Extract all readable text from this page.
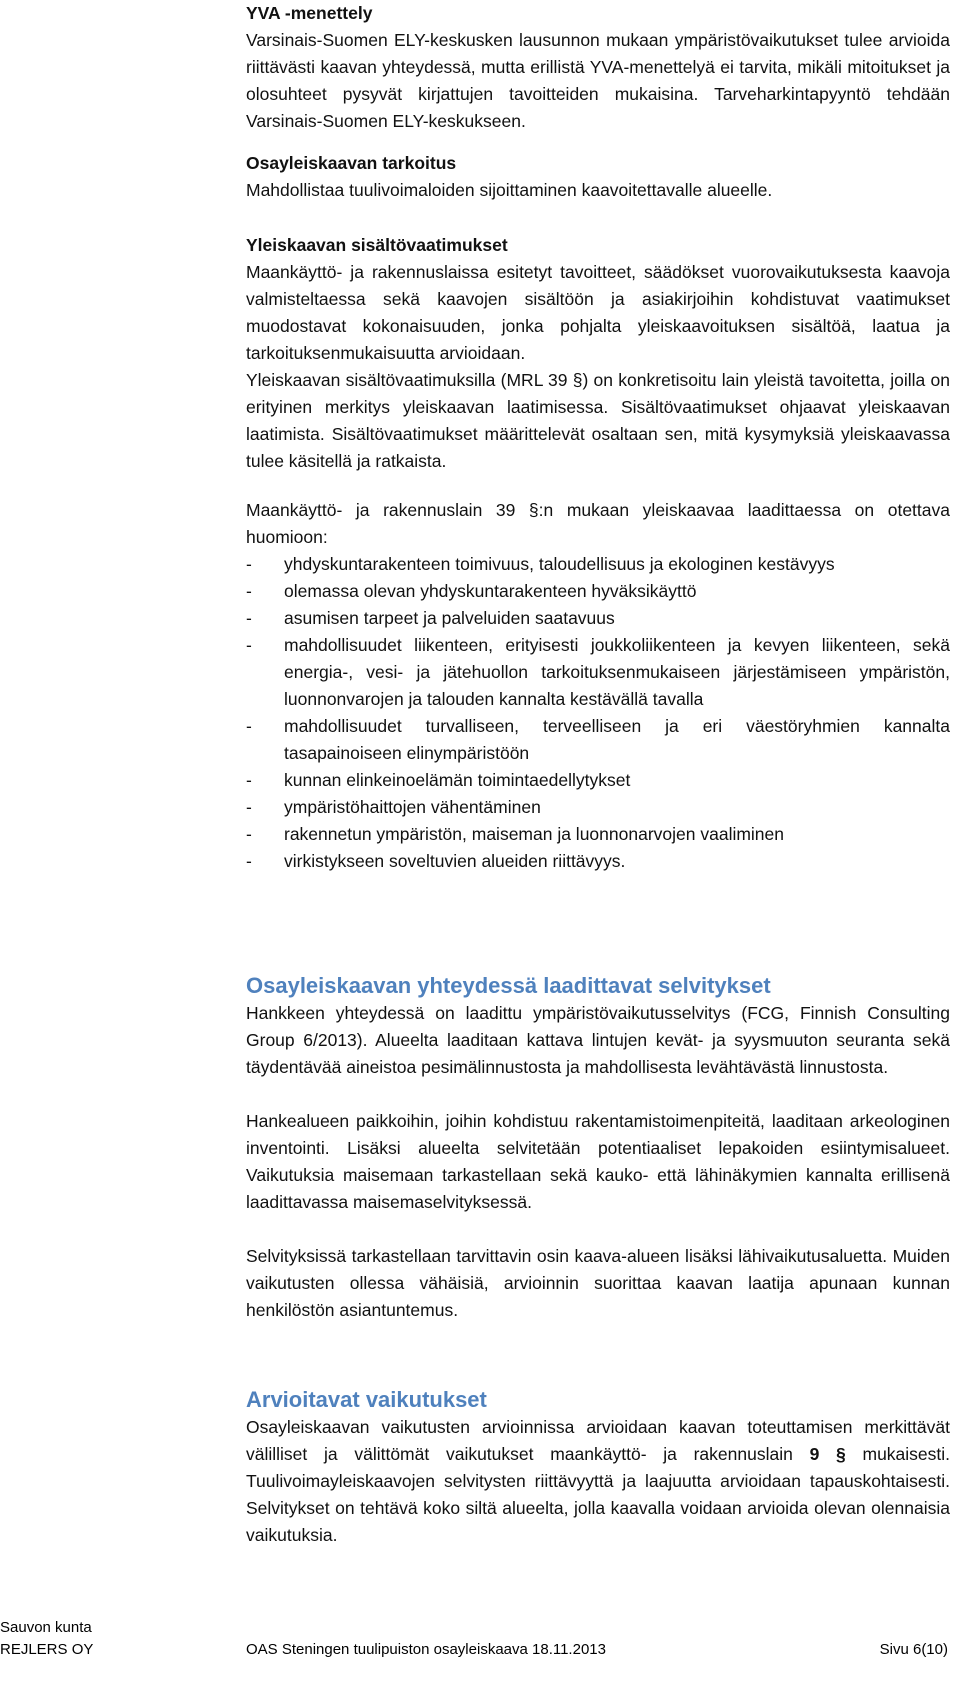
YVA -menettely

Varsinais-Suomen ELY-keskusken lausunnon mukaan ympäristövaikutukset tulee arvioida riittävästi kaavan yhteydessä, mutta erillistä YVA-menettelyä ei tarvita, mikäli mitoitukset ja olosuhteet pysyvät kirjattujen tavoitteiden mukaisina. Tarveharkintapyyntö tehdään Varsinais-Suomen ELY-keskukseen.

Osayleiskaavan tarkoitus

Mahdollistaa tuulivoimaloiden sijoittaminen kaavoitettavalle alueelle.

Yleiskaavan sisältövaatimukset

Maankäyttö- ja rakennuslaissa esitetyt tavoitteet, säädökset vuorovaikutuksesta kaavoja valmisteltaessa sekä kaavojen sisältöön ja asiakirjoihin kohdistuvat vaatimukset muodostavat kokonaisuuden, jonka pohjalta yleiskaavoituksen sisältöä, laatua ja tarkoituksenmukaisuutta arvioidaan.

Yleiskaavan sisältövaatimuksilla (MRL 39 §) on konkretisoitu lain yleistä tavoitetta, joilla on erityinen merkitys yleiskaavan laatimisessa. Sisältövaatimukset ohjaavat yleiskaavan laatimista. Sisältövaatimukset määrittelevät osaltaan sen, mitä kysymyksiä yleiskaavassa tulee käsitellä ja ratkaista.

Maankäyttö- ja rakennuslain 39 §:n mukaan yleiskaavaa laadittaessa on otettava huomioon:

- yhdyskuntarakenteen toimivuus, taloudellisuus ja ekologinen kestävyys
- olemassa olevan yhdyskuntarakenteen hyväksikäyttö
- asumisen tarpeet ja palveluiden saatavuus
- mahdollisuudet liikenteen, erityisesti joukkoliikenteen ja kevyen liikenteen, sekä energia-, vesi- ja jätehuollon tarkoituksenmukaiseen järjestämiseen ympäristön, luonnonvarojen ja talouden kannalta kestävällä tavalla
- mahdollisuudet turvalliseen, terveelliseen ja eri väestöryhmien kannalta tasapainoiseen elinympäristöön
- kunnan elinkeinoelämän toimintaedellytykset
- ympäristöhaittojen vähentäminen
- rakennetun ympäristön, maiseman ja luonnonarvojen vaaliminen
- virkistykseen soveltuvien alueiden riittävyys.

Osayleiskaavan yhteydessä laadittavat selvitykset

Hankkeen yhteydessä on laadittu ympäristövaikutusselvitys (FCG, Finnish Consulting Group 6/2013). Alueelta laaditaan kattava lintujen kevät- ja syysmuuton seuranta sekä täydentävää aineistoa pesimälinnustosta ja mahdollisesta levähtävästä linnustosta.

Hankealueen paikkoihin, joihin kohdistuu rakentamistoimenpiteitä, laaditaan arkeologinen inventointi. Lisäksi alueelta selvitetään potentiaaliset lepakoiden esiintymisalueet. Vaikutuksia maisemaan tarkastellaan sekä kauko- että lähinäkymien kannalta erillisenä laadittavassa maisemaselvityksessä.

Selvityksissä tarkastellaan tarvittavin osin kaava-alueen lisäksi lähivaikutusaluetta. Muiden vaikutusten ollessa vähäisiä, arvioinnin suorittaa kaavan laatija apunaan kunnan henkilöstön asiantuntemus.

Arvioitavat vaikutukset

Osayleiskaavan vaikutusten arvioinnissa arvioidaan kaavan toteuttamisen merkittävät välilliset ja välittömät vaikutukset maankäyttö- ja rakennuslain 9 § mukaisesti. Tuulivoimayleiskaavojen selvitysten riittävyyttä ja laajuutta arvioidaan tapauskohtaisesti. Selvitykset on tehtävä koko siltä alueelta, jolla kaavalla voidaan arvioida olevan olennaisia vaikutuksia.

Sauvon kunta
REJLERS OY	OAS Steningen tuulipuiston osayleiskaava 18.11.2013	Sivu 6(10)
